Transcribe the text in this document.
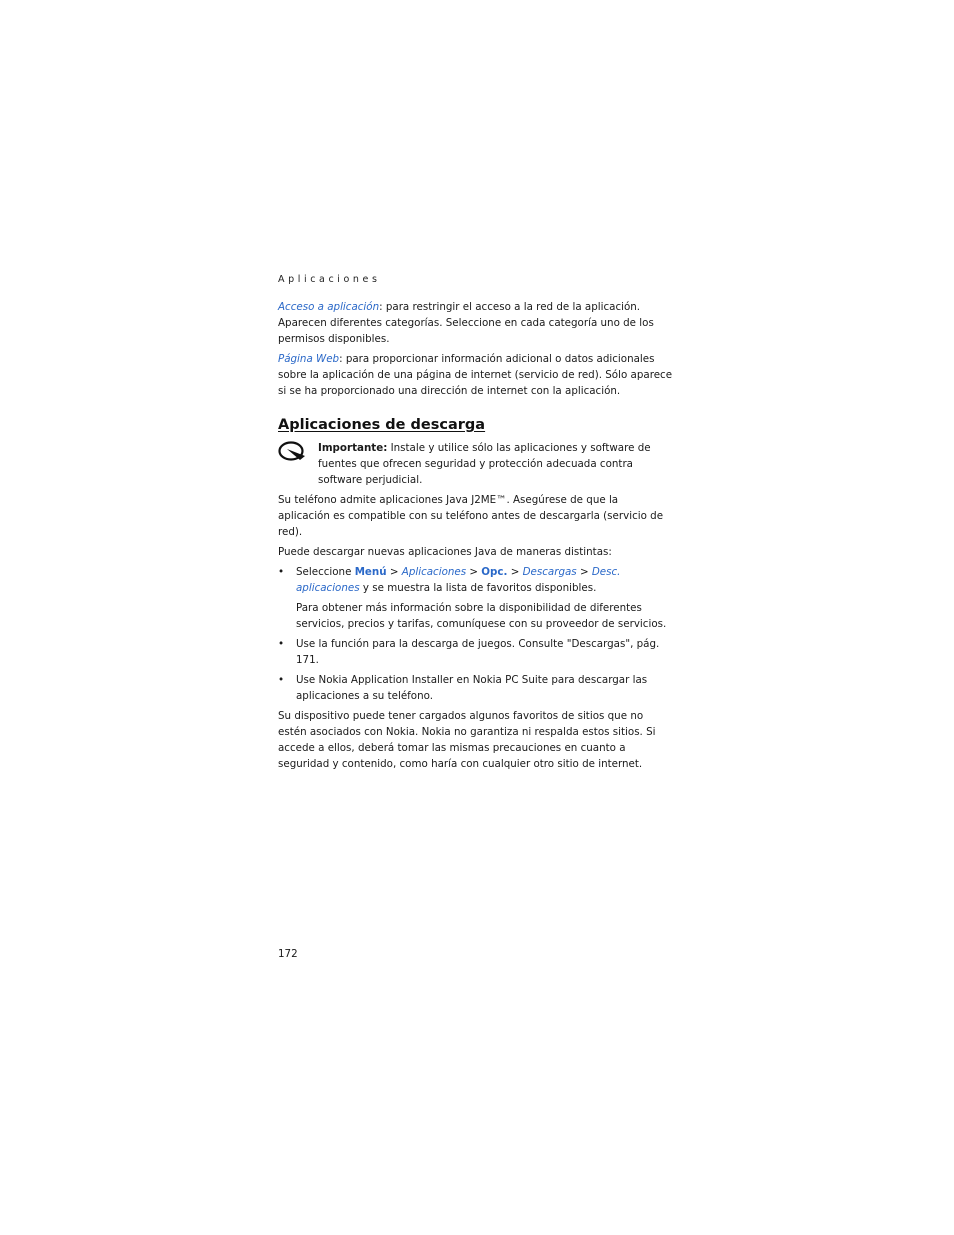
Aplicaciones

Acceso a aplicación: para restringir el acceso a la red de la aplicación. Aparecen diferentes categorías. Seleccione en cada categoría uno de los permisos disponibles.

Página Web: para proporcionar información adicional o datos adicionales sobre la aplicación de una página de internet (servicio de red). Sólo aparece si se ha proporcionado una dirección de internet con la aplicación.

Aplicaciones de descarga
Importante: Instale y utilice sólo las aplicaciones y software de fuentes que ofrecen seguridad y protección adecuada contra software perjudicial.

Su teléfono admite aplicaciones Java J2ME™. Asegúrese de que la aplicación es compatible con su teléfono antes de descargarla (servicio de red).

Puede descargar nuevas aplicaciones Java de maneras distintas:

• Seleccione Menú > Aplicaciones > Opc. > Descargas > Desc. aplicaciones y se muestra la lista de favoritos disponibles.
Para obtener más información sobre la disponibilidad de diferentes servicios, precios y tarifas, comuníquese con su proveedor de servicios.
• Use la función para la descarga de juegos. Consulte "Descargas", pág. 171.
• Use Nokia Application Installer en Nokia PC Suite para descargar las aplicaciones a su teléfono.

Su dispositivo puede tener cargados algunos favoritos de sitios que no estén asociados con Nokia. Nokia no garantiza ni respalda estos sitios. Si accede a ellos, deberá tomar las mismas precauciones en cuanto a seguridad y contenido, como haría con cualquier otro sitio de internet.

172
